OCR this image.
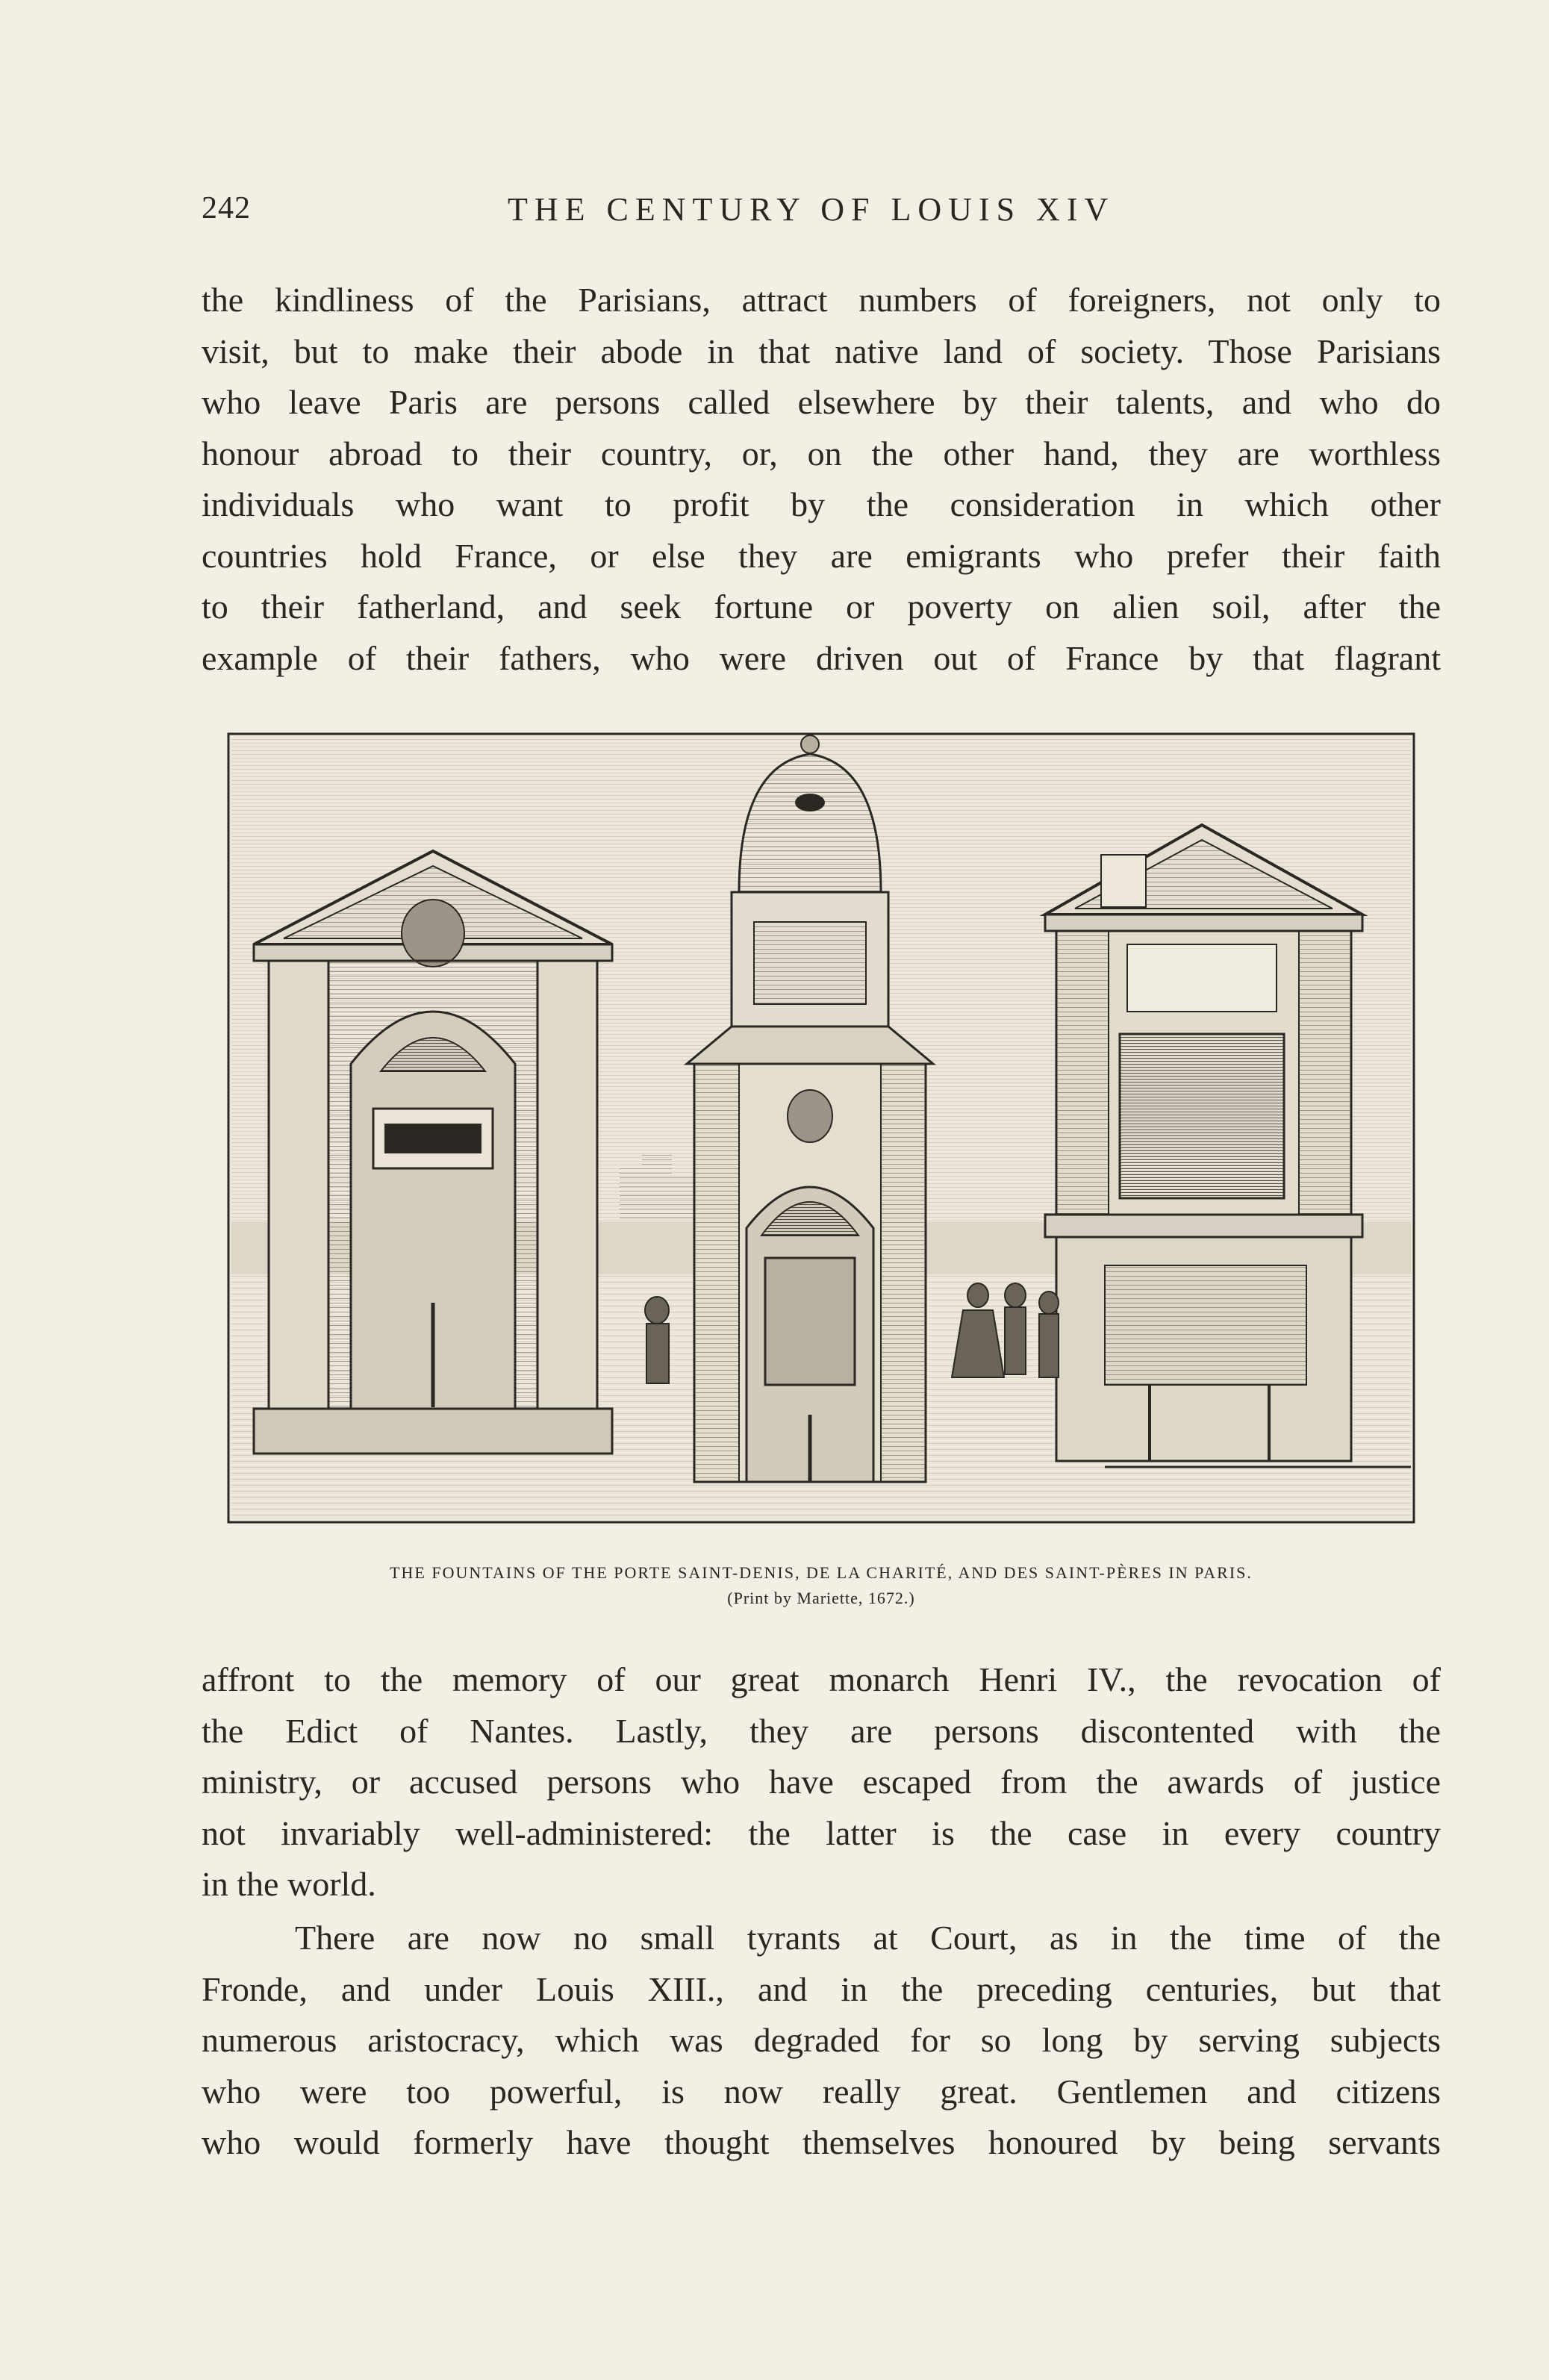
242	THE CENTURY OF LOUIS XIV
the kindliness of the Parisians, attract numbers of foreigners, not only to
visit, but to make their abode in that native land of society. Those Parisians
who leave Paris are persons called elsewhere by their talents, and who do
honour abroad to their country, or, on the other hand, they are worthless
individuals who want to profit by the consideration in which other
countries hold France, or else they are emigrants who prefer their faith
to their fatherland, and seek fortune or poverty on alien soil, after the
example of their fathers, who were driven out of France by that flagrant
THE FOUNTAINS OF THE PORTE SAINT-DENIS, DE LA CHARITÉ, AND DES SAINT-PÈRES IN PARIS.
(Print by Mariette, 1672.)
affront to the memory of our great monarch Henri IV., the revocation of
the Edict of Nantes. Lastly, they are persons discontented with the
ministry, or accused persons who have escaped from the awards of justice
not invariably well-administered: the latter is the case in every country
in the world.
There are now no small tyrants at Court, as in the time of the
Fronde, and under Louis XIII., and in the preceding centuries, but that
numerous aristocracy, which was degraded for so long by serving subjects
who were too powerful, is now really great. Gentlemen and citizens
who would formerly have thought themselves honoured by being servants
